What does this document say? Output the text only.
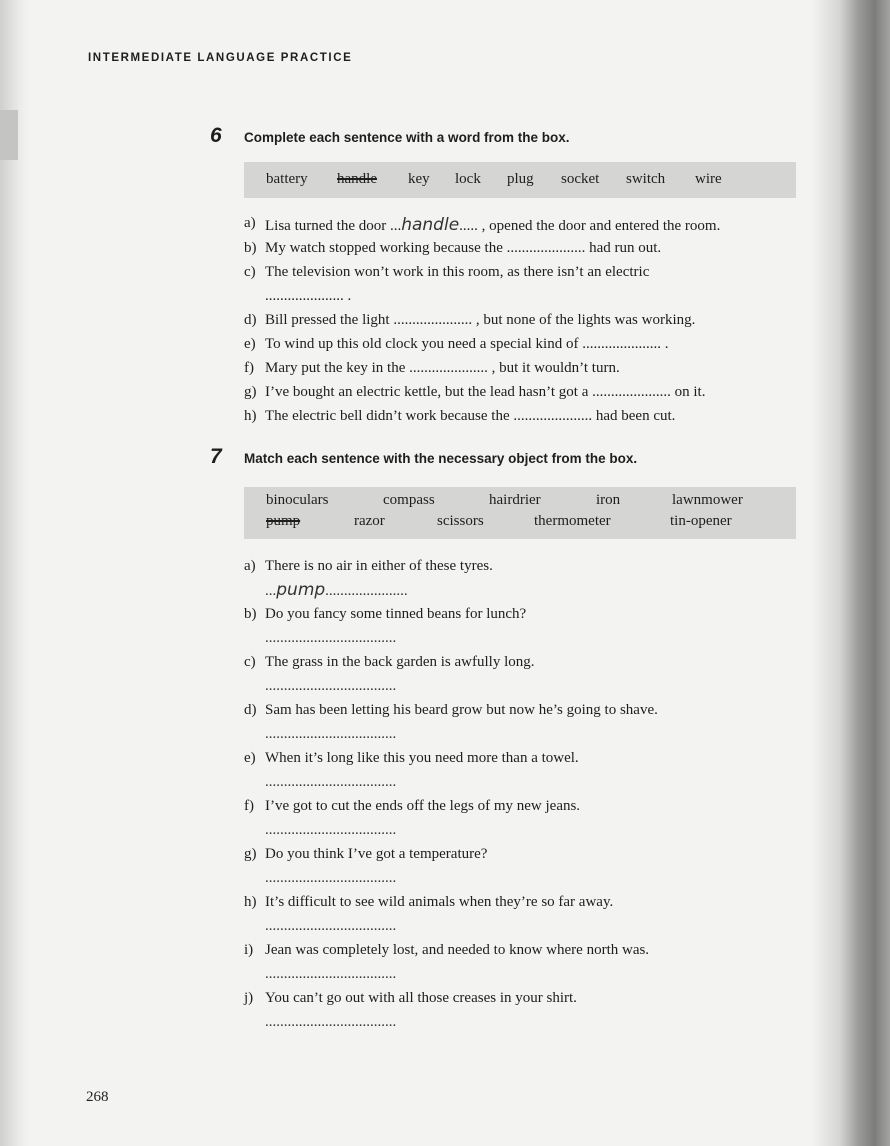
INTERMEDIATE LANGUAGE PRACTICE
6 Complete each sentence with a word from the box.
battery handle key lock plug socket switch wire
a) Lisa turned the door ...handle..... , opened the door and entered the room.
b) My watch stopped working because the ..................... had run out.
c) The television won’t work in this room, as there isn’t an electric
..................... .
d) Bill pressed the light ..................... , but none of the lights was working.
e) To wind up this old clock you need a special kind of ..................... .
f) Mary put the key in the ..................... , but it wouldn’t turn.
g) I’ve bought an electric kettle, but the lead hasn’t got a ..................... on it.
h) The electric bell didn’t work because the ..................... had been cut.
7 Match each sentence with the necessary object from the box.
binoculars	compass	hairdrier	iron	lawnmower
pump	razor	scissors	thermometer	tin-opener
a) There is no air in either of these tyres.
...pump......................
b) Do you fancy some tinned beans for lunch?
...................................
c) The grass in the back garden is awfully long.
...................................
d) Sam has been letting his beard grow but now he’s going to shave.
...................................
e) When it’s long like this you need more than a towel.
...................................
f) I’ve got to cut the ends off the legs of my new jeans.
...................................
g) Do you think I’ve got a temperature?
...................................
h) It’s difficult to see wild animals when they’re so far away.
...................................
i) Jean was completely lost, and needed to know where north was.
...................................
j) You can’t go out with all those creases in your shirt.
...................................
268
